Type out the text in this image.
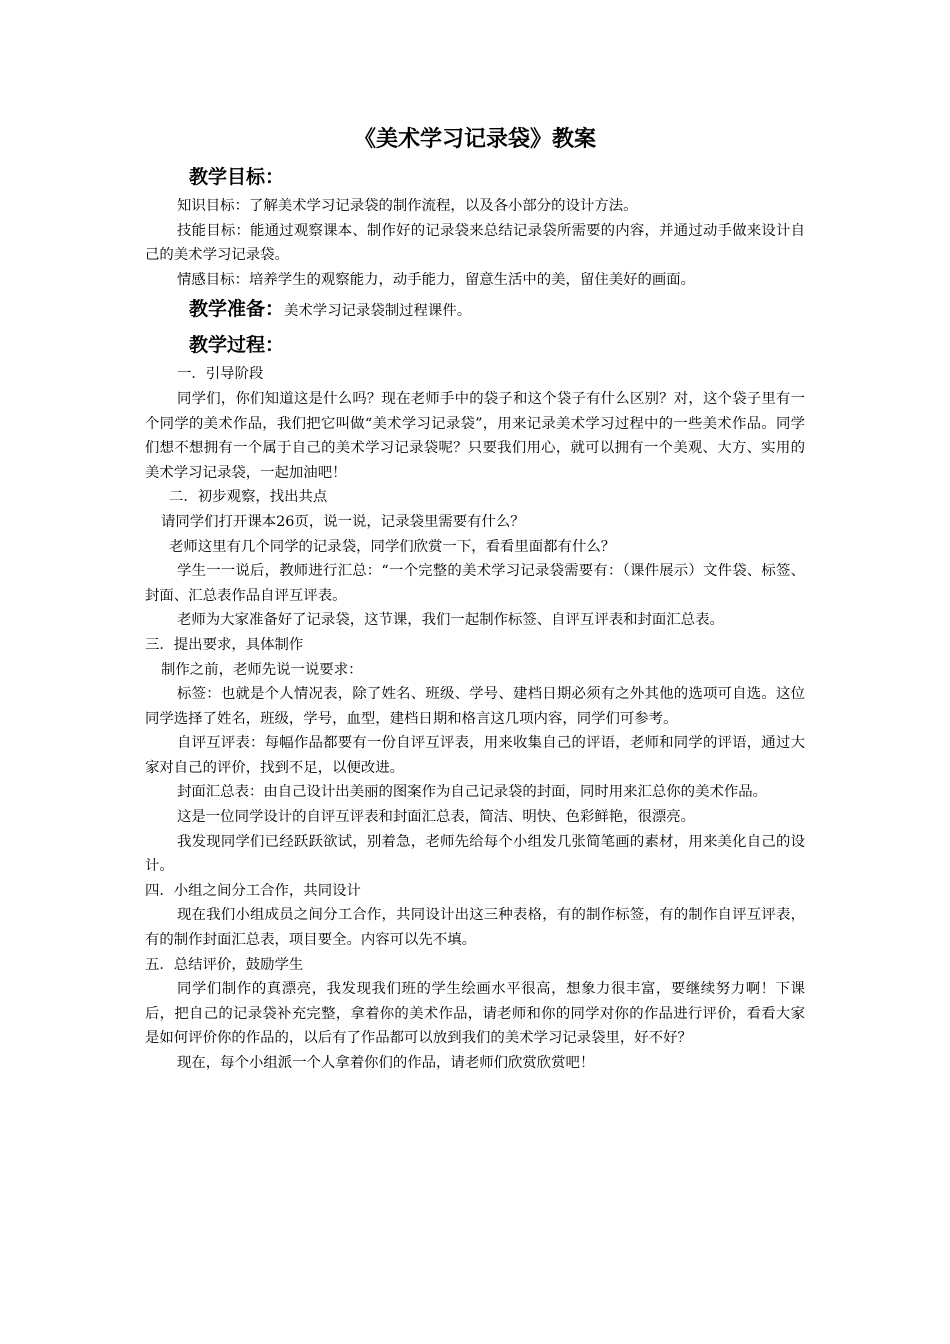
《美术学习记录袋》教案

教学目标：

知识目标：了解美术学习记录袋的制作流程，以及各小部分的设计方法。

技能目标：能通过观察课本、制作好的记录袋来总结记录袋所需要的内容，并通过动手做来设计自己的美术学习记录袋。

情感目标：培养学生的观察能力，动手能力，留意生活中的美，留住美好的画面。

教学准备：美术学习记录袋制过程课件。

教学过程：

一．引导阶段

同学们，你们知道这是什么吗？现在老师手中的袋子和这个袋子有什么区别？对，这个袋子里有一个同学的美术作品，我们把它叫做“美术学习记录袋”，用来记录美术学习过程中的一些美术作品。同学们想不想拥有一个属于自己的美术学习记录袋呢？只要我们用心，就可以拥有一个美观、大方、实用的美术学习记录袋，一起加油吧！

二．初步观察，找出共点

请同学们打开课本26页，说一说，记录袋里需要有什么？

老师这里有几个同学的记录袋，同学们欣赏一下，看看里面都有什么？

学生一一说后，教师进行汇总：“一个完整的美术学习记录袋需要有：（课件展示）文件袋、标签、封面、汇总表作品自评互评表。

老师为大家准备好了记录袋，这节课，我们一起制作标签、自评互评表和封面汇总表。

三．提出要求，具体制作

制作之前，老师先说一说要求：

标签：也就是个人情况表，除了姓名、班级、学号、建档日期必须有之外其他的选项可自选。这位同学选择了姓名，班级，学号，血型，建档日期和格言这几项内容，同学们可参考。

自评互评表：每幅作品都要有一份自评互评表，用来收集自己的评语，老师和同学的评语，通过大家对自己的评价，找到不足，以便改进。

封面汇总表：由自己设计出美丽的图案作为自己记录袋的封面，同时用来汇总你的美术作品。

这是一位同学设计的自评互评表和封面汇总表，简洁、明快、色彩鲜艳，很漂亮。

我发现同学们已经跃跃欲试，别着急，老师先给每个小组发几张简笔画的素材，用来美化自己的设计。

四．小组之间分工合作，共同设计

现在我们小组成员之间分工合作，共同设计出这三种表格，有的制作标签，有的制作自评互评表，有的制作封面汇总表，项目要全。内容可以先不填。

五．总结评价，鼓励学生

同学们制作的真漂亮，我发现我们班的学生绘画水平很高，想象力很丰富，要继续努力啊！下课后，把自己的记录袋补充完整，拿着你的美术作品，请老师和你的同学对你的作品进行评价，看看大家是如何评价你的作品的，以后有了作品都可以放到我们的美术学习记录袋里，好不好？

现在，每个小组派一个人拿着你们的作品，请老师们欣赏欣赏吧！
